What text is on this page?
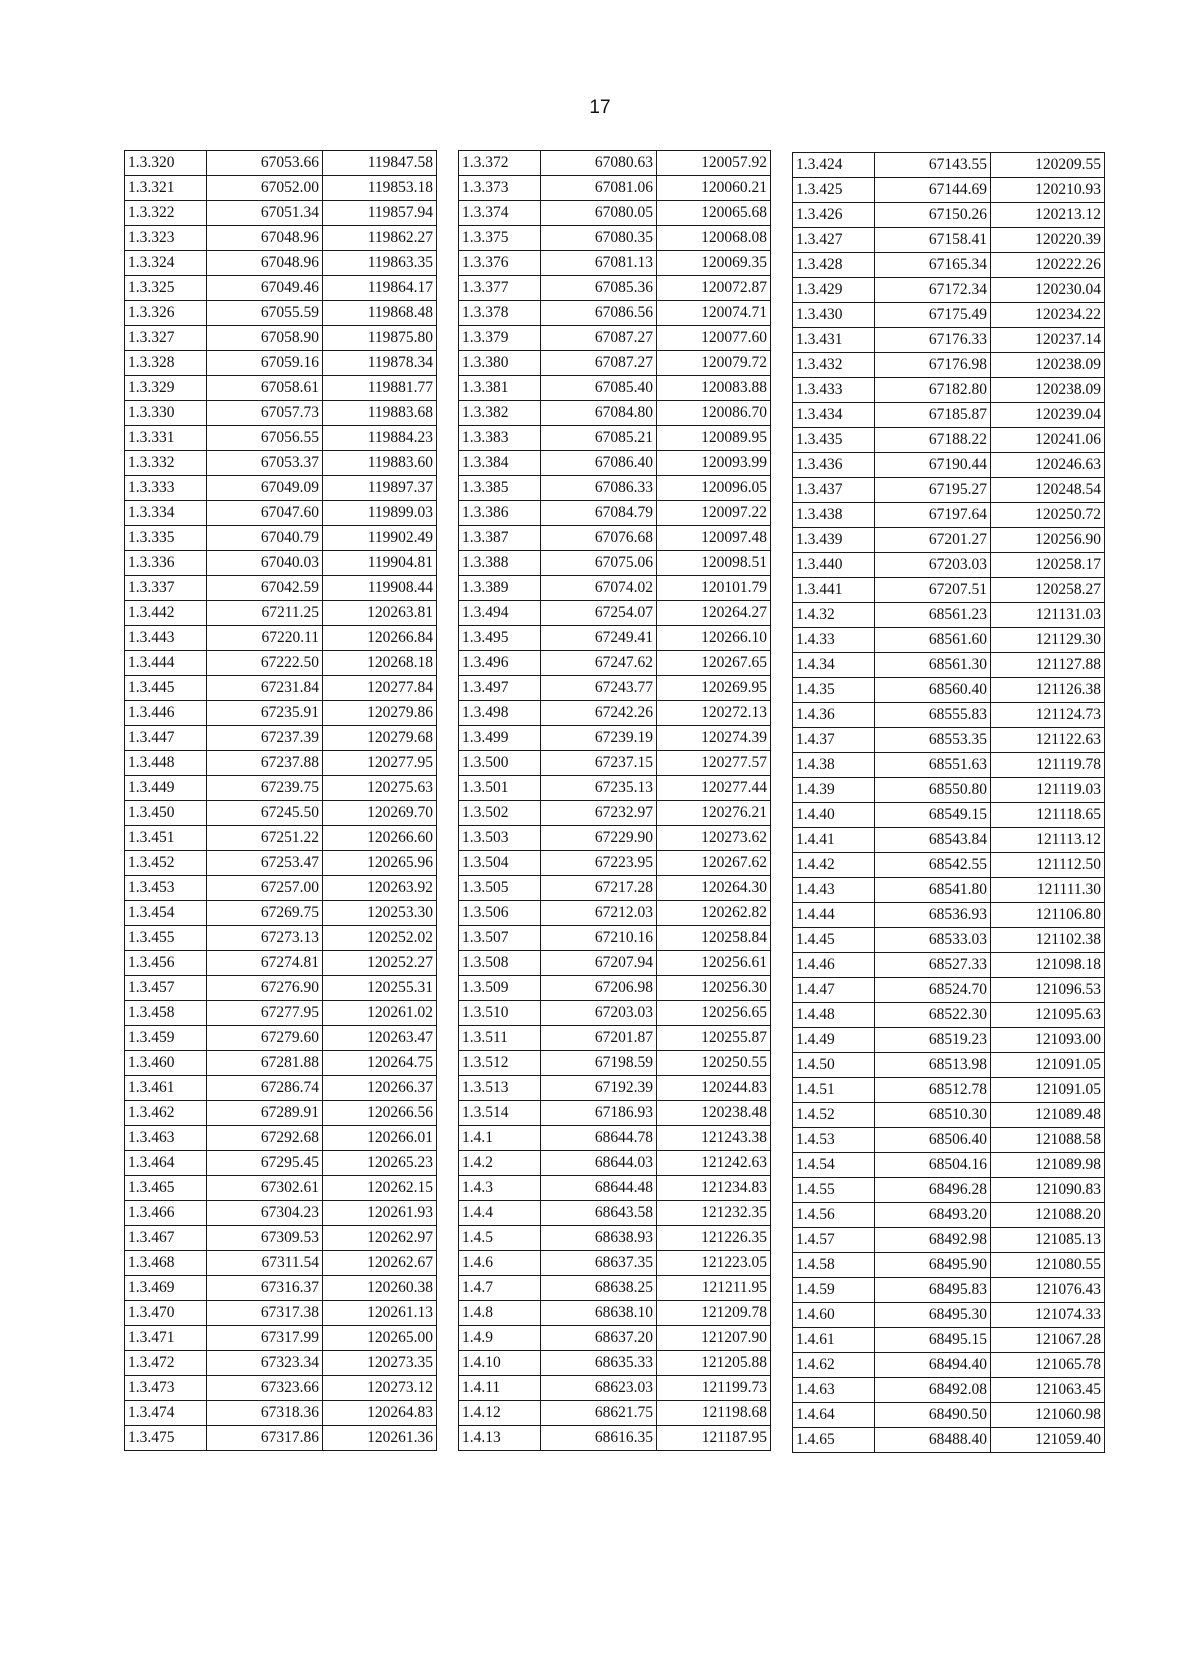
17
1.3.320	67053.66	119847.58
1.3.321	67052.00	119853.18
1.3.322	67051.34	119857.94
1.3.323	67048.96	119862.27
1.3.324	67048.96	119863.35
1.3.325	67049.46	119864.17
1.3.326	67055.59	119868.48
1.3.327	67058.90	119875.80
1.3.328	67059.16	119878.34
1.3.329	67058.61	119881.77
1.3.330	67057.73	119883.68
1.3.331	67056.55	119884.23
1.3.332	67053.37	119883.60
1.3.333	67049.09	119897.37
1.3.334	67047.60	119899.03
1.3.335	67040.79	119902.49
1.3.336	67040.03	119904.81
1.3.337	67042.59	119908.44
1.3.442	67211.25	120263.81
1.3.443	67220.11	120266.84
1.3.444	67222.50	120268.18
1.3.445	67231.84	120277.84
1.3.446	67235.91	120279.86
1.3.447	67237.39	120279.68
1.3.448	67237.88	120277.95
1.3.449	67239.75	120275.63
1.3.450	67245.50	120269.70
1.3.451	67251.22	120266.60
1.3.452	67253.47	120265.96
1.3.453	67257.00	120263.92
1.3.454	67269.75	120253.30
1.3.455	67273.13	120252.02
1.3.456	67274.81	120252.27
1.3.457	67276.90	120255.31
1.3.458	67277.95	120261.02
1.3.459	67279.60	120263.47
1.3.460	67281.88	120264.75
1.3.461	67286.74	120266.37
1.3.462	67289.91	120266.56
1.3.463	67292.68	120266.01
1.3.464	67295.45	120265.23
1.3.465	67302.61	120262.15
1.3.466	67304.23	120261.93
1.3.467	67309.53	120262.97
1.3.468	67311.54	120262.67
1.3.469	67316.37	120260.38
1.3.470	67317.38	120261.13
1.3.471	67317.99	120265.00
1.3.472	67323.34	120273.35
1.3.473	67323.66	120273.12
1.3.474	67318.36	120264.83
1.3.475	67317.86	120261.36
1.3.372	67080.63	120057.92
1.3.373	67081.06	120060.21
1.3.374	67080.05	120065.68
1.3.375	67080.35	120068.08
1.3.376	67081.13	120069.35
1.3.377	67085.36	120072.87
1.3.378	67086.56	120074.71
1.3.379	67087.27	120077.60
1.3.380	67087.27	120079.72
1.3.381	67085.40	120083.88
1.3.382	67084.80	120086.70
1.3.383	67085.21	120089.95
1.3.384	67086.40	120093.99
1.3.385	67086.33	120096.05
1.3.386	67084.79	120097.22
1.3.387	67076.68	120097.48
1.3.388	67075.06	120098.51
1.3.389	67074.02	120101.79
1.3.494	67254.07	120264.27
1.3.495	67249.41	120266.10
1.3.496	67247.62	120267.65
1.3.497	67243.77	120269.95
1.3.498	67242.26	120272.13
1.3.499	67239.19	120274.39
1.3.500	67237.15	120277.57
1.3.501	67235.13	120277.44
1.3.502	67232.97	120276.21
1.3.503	67229.90	120273.62
1.3.504	67223.95	120267.62
1.3.505	67217.28	120264.30
1.3.506	67212.03	120262.82
1.3.507	67210.16	120258.84
1.3.508	67207.94	120256.61
1.3.509	67206.98	120256.30
1.3.510	67203.03	120256.65
1.3.511	67201.87	120255.87
1.3.512	67198.59	120250.55
1.3.513	67192.39	120244.83
1.3.514	67186.93	120238.48
1.4.1	68644.78	121243.38
1.4.2	68644.03	121242.63
1.4.3	68644.48	121234.83
1.4.4	68643.58	121232.35
1.4.5	68638.93	121226.35
1.4.6	68637.35	121223.05
1.4.7	68638.25	121211.95
1.4.8	68638.10	121209.78
1.4.9	68637.20	121207.90
1.4.10	68635.33	121205.88
1.4.11	68623.03	121199.73
1.4.12	68621.75	121198.68
1.4.13	68616.35	121187.95
1.3.424	67143.55	120209.55
1.3.425	67144.69	120210.93
1.3.426	67150.26	120213.12
1.3.427	67158.41	120220.39
1.3.428	67165.34	120222.26
1.3.429	67172.34	120230.04
1.3.430	67175.49	120234.22
1.3.431	67176.33	120237.14
1.3.432	67176.98	120238.09
1.3.433	67182.80	120238.09
1.3.434	67185.87	120239.04
1.3.435	67188.22	120241.06
1.3.436	67190.44	120246.63
1.3.437	67195.27	120248.54
1.3.438	67197.64	120250.72
1.3.439	67201.27	120256.90
1.3.440	67203.03	120258.17
1.3.441	67207.51	120258.27
1.4.32	68561.23	121131.03
1.4.33	68561.60	121129.30
1.4.34	68561.30	121127.88
1.4.35	68560.40	121126.38
1.4.36	68555.83	121124.73
1.4.37	68553.35	121122.63
1.4.38	68551.63	121119.78
1.4.39	68550.80	121119.03
1.4.40	68549.15	121118.65
1.4.41	68543.84	121113.12
1.4.42	68542.55	121112.50
1.4.43	68541.80	121111.30
1.4.44	68536.93	121106.80
1.4.45	68533.03	121102.38
1.4.46	68527.33	121098.18
1.4.47	68524.70	121096.53
1.4.48	68522.30	121095.63
1.4.49	68519.23	121093.00
1.4.50	68513.98	121091.05
1.4.51	68512.78	121091.05
1.4.52	68510.30	121089.48
1.4.53	68506.40	121088.58
1.4.54	68504.16	121089.98
1.4.55	68496.28	121090.83
1.4.56	68493.20	121088.20
1.4.57	68492.98	121085.13
1.4.58	68495.90	121080.55
1.4.59	68495.83	121076.43
1.4.60	68495.30	121074.33
1.4.61	68495.15	121067.28
1.4.62	68494.40	121065.78
1.4.63	68492.08	121063.45
1.4.64	68490.50	121060.98
1.4.65	68488.40	121059.40
